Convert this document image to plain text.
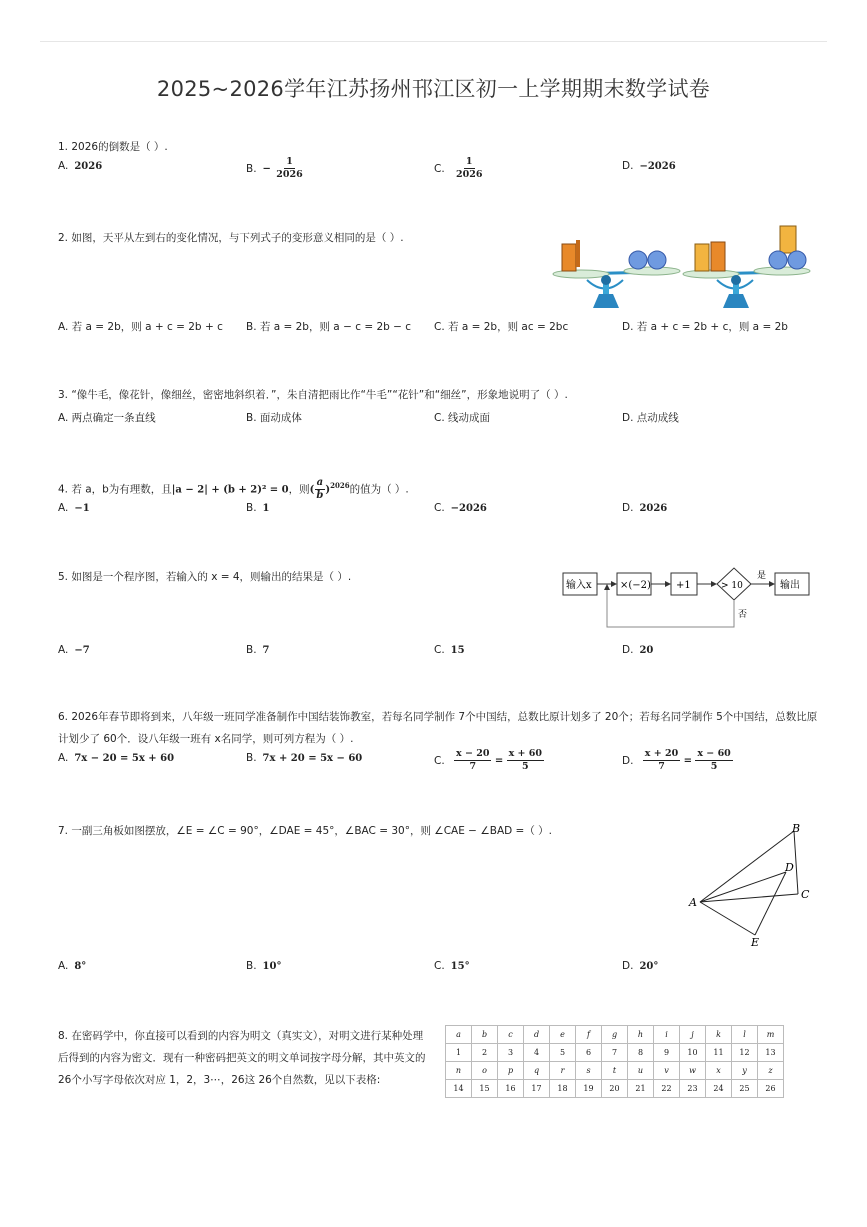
2025~2026学年江苏扬州邗江区初一上学期期末数学试卷
1. 2026的倒数是（ ）.
A. 2026	B. − $\frac{1}{2026}$	C. $\frac{1}{2026}$	D. −2026
2. 如图，天平从左到右的变化情况，与下列式子的变形意义相同的是（ ）.
A. 若 a = 2b，则 a + c = 2b + c B. 若 a = 2b，则 a − c = 2b − c C. 若 a = 2b，则 ac = 2bc	D. 若 a + c = 2b + c，则 a = 2b
3. “像牛毛，像花针，像细丝，密密地斜织着．”，朱自清把雨比作“牛毛”“花针”和“细丝”，形象地说明了（ ）.
A. 两点确定一条直线	B. 面动成体	C. 线动成面	D. 点动成线
4. 若 a，b为有理数，且|a − 2| + (b + 2)² = 0，则( $\frac{a}{b} )^{2026}$的值为（ ）.
A. −1	B. 1	C. −2026	D. 2026
5. 如图是一个程序图，若输入的 x = 4，则输出的结果是（ ）.
A. −7	B. 7	C. 15	D. 20
输入x	×(−2)	+1	> 10
是
输出
否
6. 2026年春节即将到来，八年级一班同学准备制作中国结装饰教室，若每名同学制作 7个中国结，总数比原计划多了 20个；若每名同学制作 5个中国结，总数比原计划少了 60个．设八年级一班有 x名同学，则可列方程为（ ）.
A. 7x − 20 = 5x + 60	B. 7x + 20 = 5x − 60	C. $\frac{x - 20}{7} = \frac{x + 60}{5}$	D. $\frac{x + 20}{7} = \frac{x - 60}{5}$
7. 一副三角板如图摆放，∠E = ∠C = 90°，∠DAE = 45°，∠BAC = 30°，则 ∠CAE − ∠BAD =（ ）.
A. 8°	B. 10°	C. 15°	D. 20°
A
B
C
D
E
8. 在密码学中，你直接可以看到的内容为明文（真实文），对明文进行某种处理后得到的内容为密文．现有一种密码把英文的明文单词按字母分解，其中英文的 26个小写字母依次对应 1，2，3⋯，26这 26个自然数，见以下表格:
a	b	c	d	e	f	g	h	i	j	k	l	m
1	2	3	4	5	6	7	8	9	10	11	12	13
n	o	p	q	r	s	t	u	v	w	x	y	z
14	15	16	17	18	19	20	21	22	23	24	25	26
